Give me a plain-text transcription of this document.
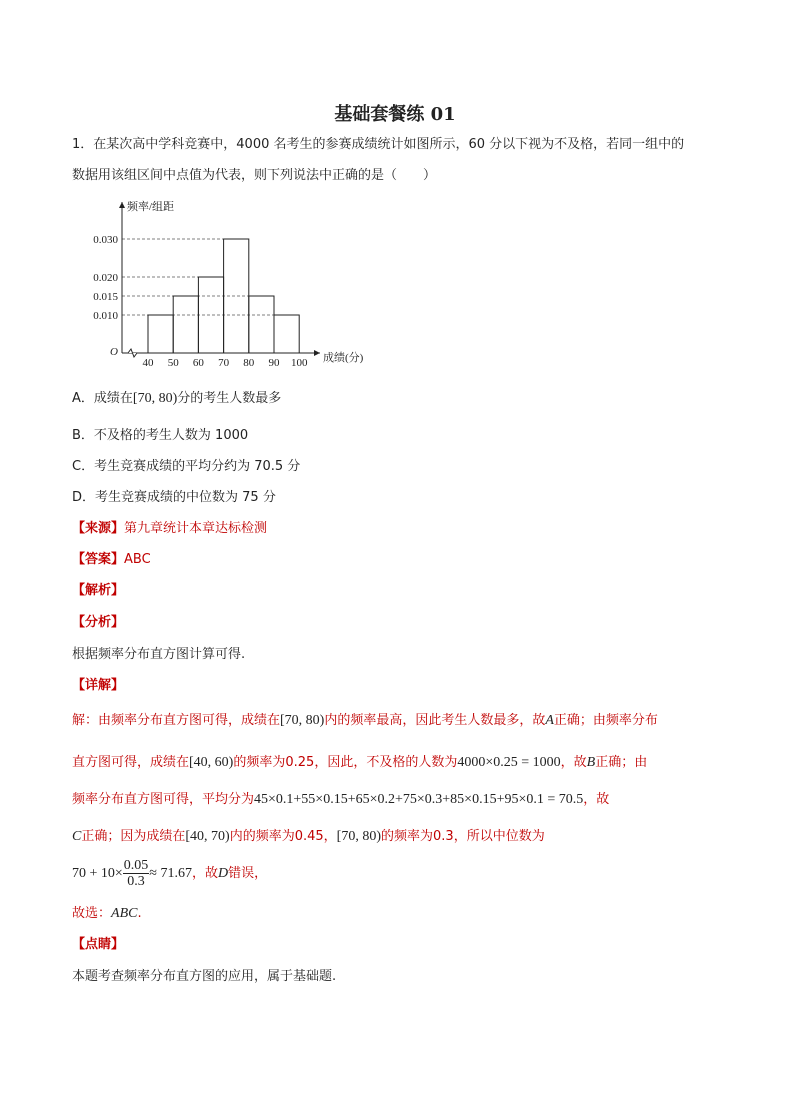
基础套餐练 01
1．在某次高中学科竞赛中，4000 名考生的参赛成绩统计如图所示，60 分以下视为不及格，若同一组中的
数据用该组区间中点值为代表，则下列说法中正确的是（　　）
0.010
0.015
0.020
0.030
40 50 60 70 80 90 100
O
频率/组距
成绩(分)
A．成绩在[70, 80)分的考生人数最多
B．不及格的考生人数为 1000
C．考生竞赛成绩的平均分约为 70.5 分
D．考生竞赛成绩的中位数为 75 分
【来源】第九章统计本章达标检测
【答案】ABC
【解析】
【分析】
根据频率分布直方图计算可得.
【详解】
解：由频率分布直方图可得，成绩在[70, 80)内的频率最高，因此考生人数最多，故A正确；由频率分布
直方图可得，成绩在[40, 60)的频率为0.25，因此，不及格的人数为4000×0.25 = 1000，故B正确；由
频率分布直方图可得，平均分为45×0.1+55×0.15+65×0.2+75×0.3+85×0.15+95×0.1 = 70.5，故
C正确；因为成绩在[40, 70)内的频率为0.45，[70, 80)的频率为0.3，所以中位数为
$70 + 10\times \frac{0.05}{0.3} \approx 71.67$，故D错误，
故选：ABC.
【点睛】
本题考查频率分布直方图的应用，属于基础题.
